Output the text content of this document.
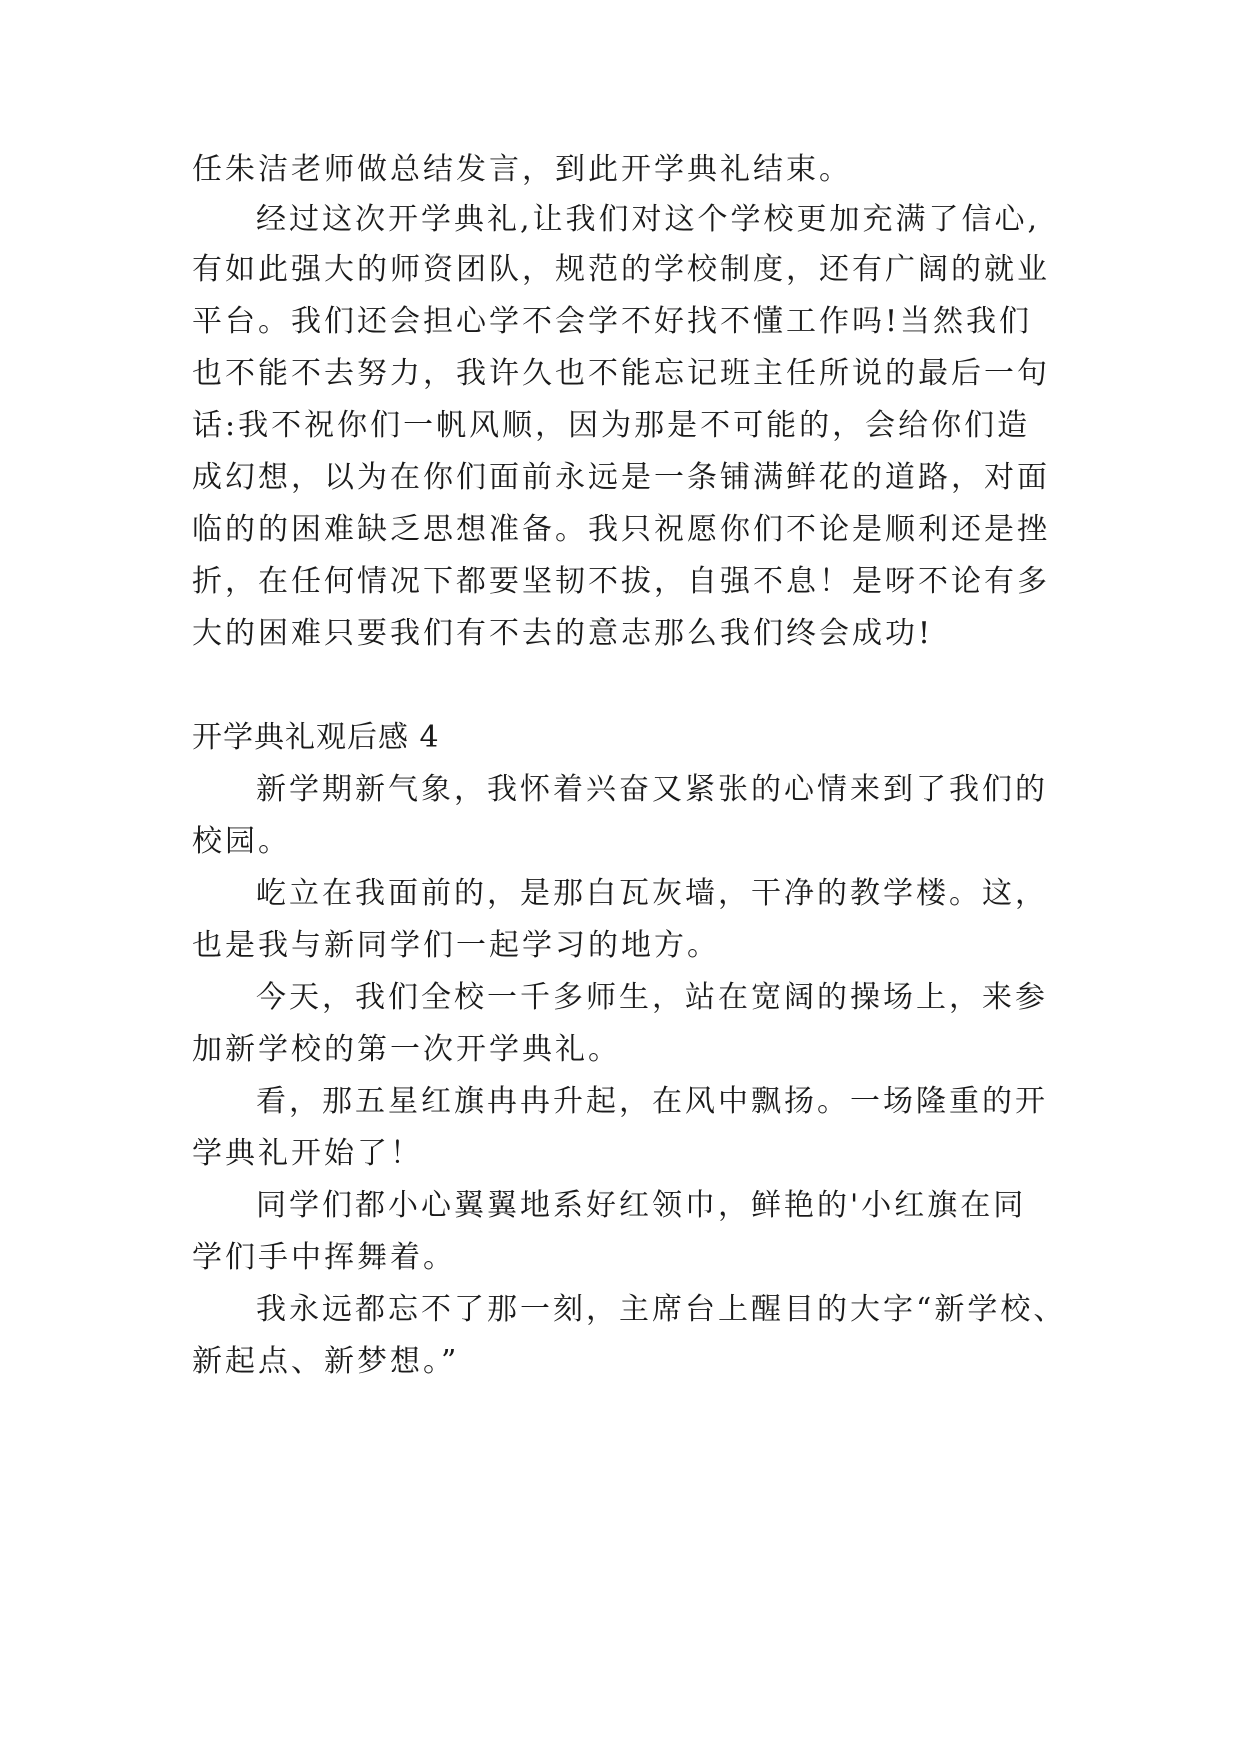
任朱洁老师做总结发言，到此开学典礼结束。
经过这次开学典礼,让我们对这个学校更加充满了信心,
有如此强大的师资团队，规范的学校制度，还有广阔的就业
平台。我们还会担心学不会学不好找不懂工作吗!当然我们
也不能不去努力，我许久也不能忘记班主任所说的最后一句
话:我不祝你们一帆风顺，因为那是不可能的，会给你们造
成幻想，以为在你们面前永远是一条铺满鲜花的道路，对面
临的的困难缺乏思想准备。我只祝愿你们不论是顺利还是挫
折，在任何情况下都要坚韧不拔，自强不息！是呀不论有多
大的困难只要我们有不去的意志那么我们终会成功!
开学典礼观后感 4
新学期新气象，我怀着兴奋又紧张的心情来到了我们的
校园。
屹立在我面前的，是那白瓦灰墙，干净的教学楼。这，
也是我与新同学们一起学习的地方。
今天，我们全校一千多师生，站在宽阔的操场上，来参
加新学校的第一次开学典礼。
看，那五星红旗冉冉升起，在风中飘扬。一场隆重的开
学典礼开始了！
同学们都小心翼翼地系好红领巾，鲜艳的'小红旗在同
学们手中挥舞着。
我永远都忘不了那一刻，主席台上醒目的大字“新学校、
新起点、新梦想。”
